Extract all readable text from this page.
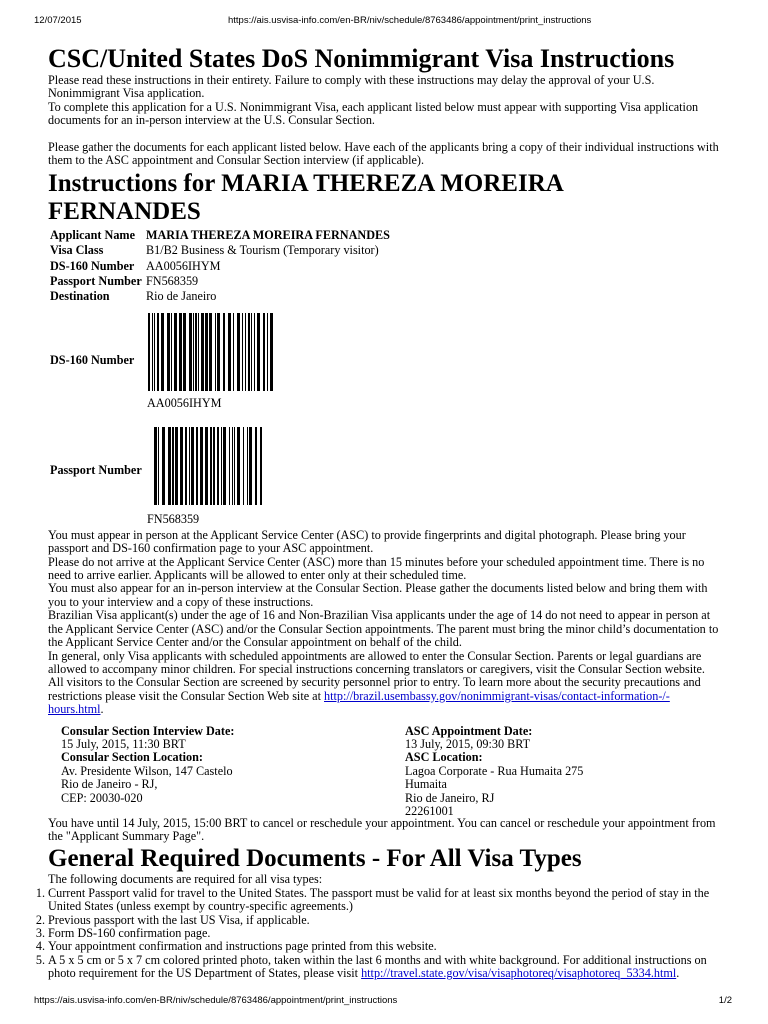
12/07/2015	https://ais.usvisa-info.com/en-BR/niv/schedule/8763486/appointment/print_instructions
CSC/United States DoS Nonimmigrant Visa Instructions

Please read these instructions in their entirety. Failure to comply with these instructions may delay the approval of your U.S. Nonimmigrant Visa application.

To complete this application for a U.S. Nonimmigrant Visa, each applicant listed below must appear with supporting Visa application documents for an in-person interview at the U.S. Consular Section.

Please gather the documents for each applicant listed below. Have each of the applicants bring a copy of their individual instructions with them to the ASC appointment and Consular Section interview (if applicable).

Instructions for MARIA THEREZA MOREIRA FERNANDES
Applicant Name	MARIA THEREZA MOREIRA FERNANDES
Visa Class	B1/B2 Business & Tourism (Temporary visitor)
DS-160 Number	AA0056IHYM
Passport Number	FN568359
Destination	Rio de Janeiro
DS-160 Number
AA0056IHYM
Passport Number
FN568359

You must appear in person at the Applicant Service Center (ASC) to provide fingerprints and digital photograph. Please bring your passport and DS-160 confirmation page to your ASC appointment.

Please do not arrive at the Applicant Service Center (ASC) more than 15 minutes before your scheduled appointment time. There is no need to arrive earlier. Applicants will be allowed to enter only at their scheduled time.

You must also appear for an in-person interview at the Consular Section. Please gather the documents listed below and bring them with you to your interview and a copy of these instructions.

Brazilian Visa applicant(s) under the age of 16 and Non-Brazilian Visa applicants under the age of 14 do not need to appear in person at the Applicant Service Center (ASC) and/or the Consular Section appointments. The parent must bring the minor child’s documentation to the Applicant Service Center and/or the Consular appointment on behalf of the child.

In general, only Visa applicants with scheduled appointments are allowed to enter the Consular Section. Parents or legal guardians are allowed to accompany minor children. For special instructions concerning translators or caregivers, visit the Consular Section website.

All visitors to the Consular Section are screened by security personnel prior to entry. To learn more about the security precautions and restrictions please visit the Consular Section Web site at http://brazil.usembassy.gov/nonimmigrant-visas/contact-information-/-hours.html.

Consular Section Interview Date:
15 July, 2015, 11:30 BRT
Consular Section Location:
Av. Presidente Wilson, 147 Castelo
Rio de Janeiro - RJ,
CEP: 20030-020
ASC Appointment Date:
13 July, 2015, 09:30 BRT
ASC Location:
Lagoa Corporate - Rua Humaita 275
Humaita
Rio de Janeiro, RJ
22261001

You have until 14 July, 2015, 15:00 BRT to cancel or reschedule your appointment. You can cancel or reschedule your appointment from the "Applicant Summary Page".

General Required Documents - For All Visa Types

The following documents are required for all visa types:

1. Current Passport valid for travel to the United States. The passport must be valid for at least six months beyond the period of stay in the United States (unless exempt by country-specific agreements.)
2. Previous passport with the last US Visa, if applicable.
3. Form DS-160 confirmation page.
4. Your appointment confirmation and instructions page printed from this website.
5. A 5 x 5 cm or 5 x 7 cm colored printed photo, taken within the last 6 months and with white background. For additional instructions on photo requirement for the US Department of States, please visit http://travel.state.gov/visa/visaphotoreq/visaphotoreq_5334.html.
https://ais.usvisa-info.com/en-BR/niv/schedule/8763486/appointment/print_instructions	1/2
